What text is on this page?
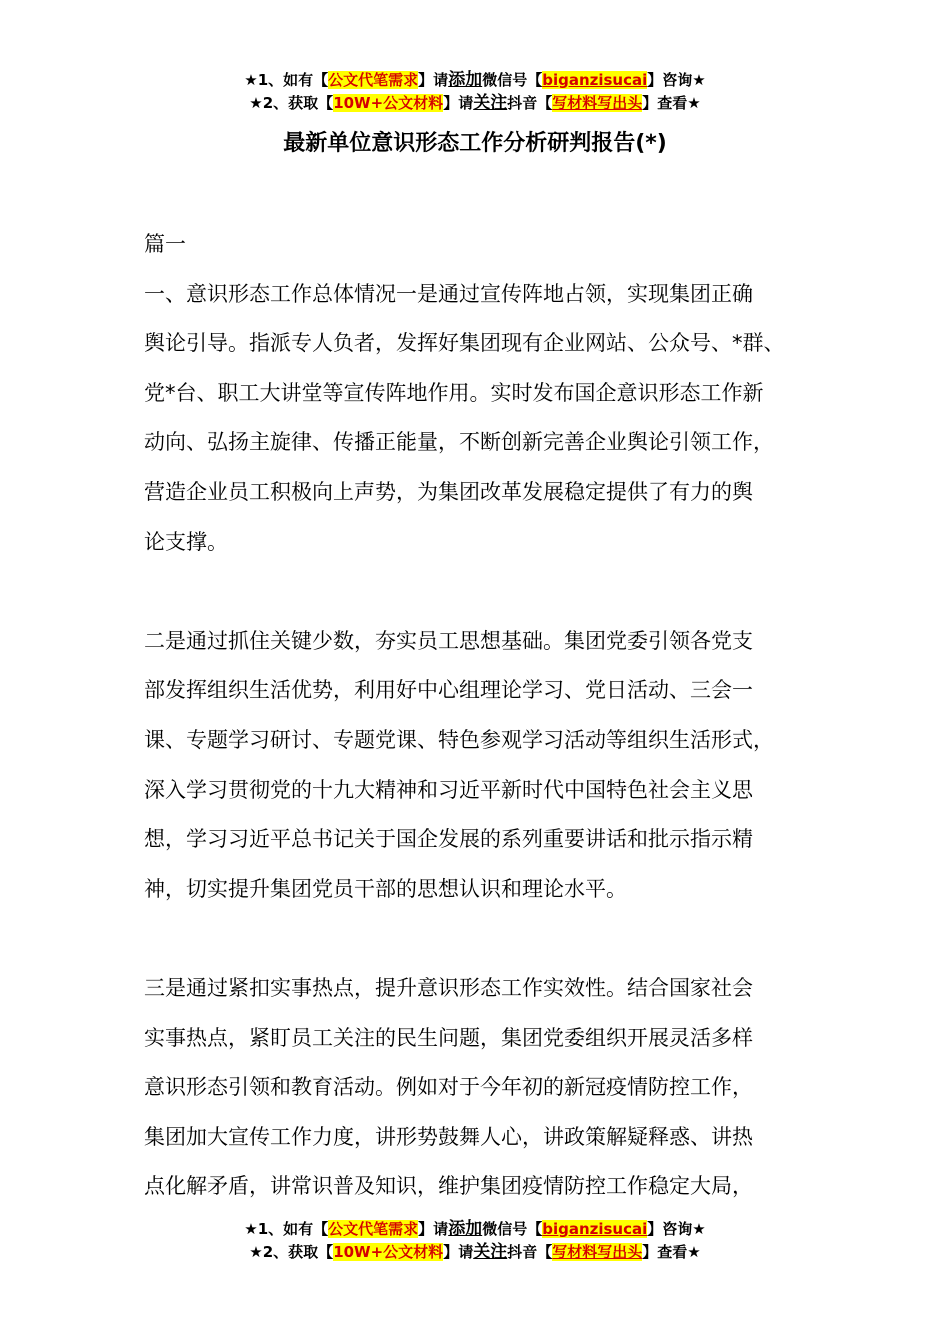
★1、如有【公文代笔需求】请添加微信号【biganzisucai】咨询★
★2、获取【10W+公文材料】请关注抖音【写材料写出头】查看★
最新单位意识形态工作分析研判报告(*)
篇一
一、意识形态工作总体情况一是通过宣传阵地占领，实现集团正确
舆论引导。指派专人负者，发挥好集团现有企业网站、公众号、*群、
党*台、职工大讲堂等宣传阵地作用。实时发布国企意识形态工作新
动向、弘扬主旋律、传播正能量，不断创新完善企业舆论引领工作，
营造企业员工积极向上声势，为集团改革发展稳定提供了有力的舆
论支撑。
二是通过抓住关键少数，夯实员工思想基础。集团党委引领各党支
部发挥组织生活优势，利用好中心组理论学习、党日活动、三会一
课、专题学习研讨、专题党课、特色参观学习活动等组织生活形式，
深入学习贯彻党的十九大精神和习近平新时代中国特色社会主义思
想，学习习近平总书记关于国企发展的系列重要讲话和批示指示精
神，切实提升集团党员干部的思想认识和理论水平。
三是通过紧扣实事热点，提升意识形态工作实效性。结合国家社会
实事热点，紧盯员工关注的民生问题，集团党委组织开展灵活多样
意识形态引领和教育活动。例如对于今年初的新冠疫情防控工作，
集团加大宣传工作力度，讲形势鼓舞人心，讲政策解疑释惑、讲热
点化解矛盾，讲常识普及知识，维护集团疫情防控工作稳定大局，
★1、如有【公文代笔需求】请添加微信号【biganzisucai】咨询★
★2、获取【10W+公文材料】请关注抖音【写材料写出头】查看★
